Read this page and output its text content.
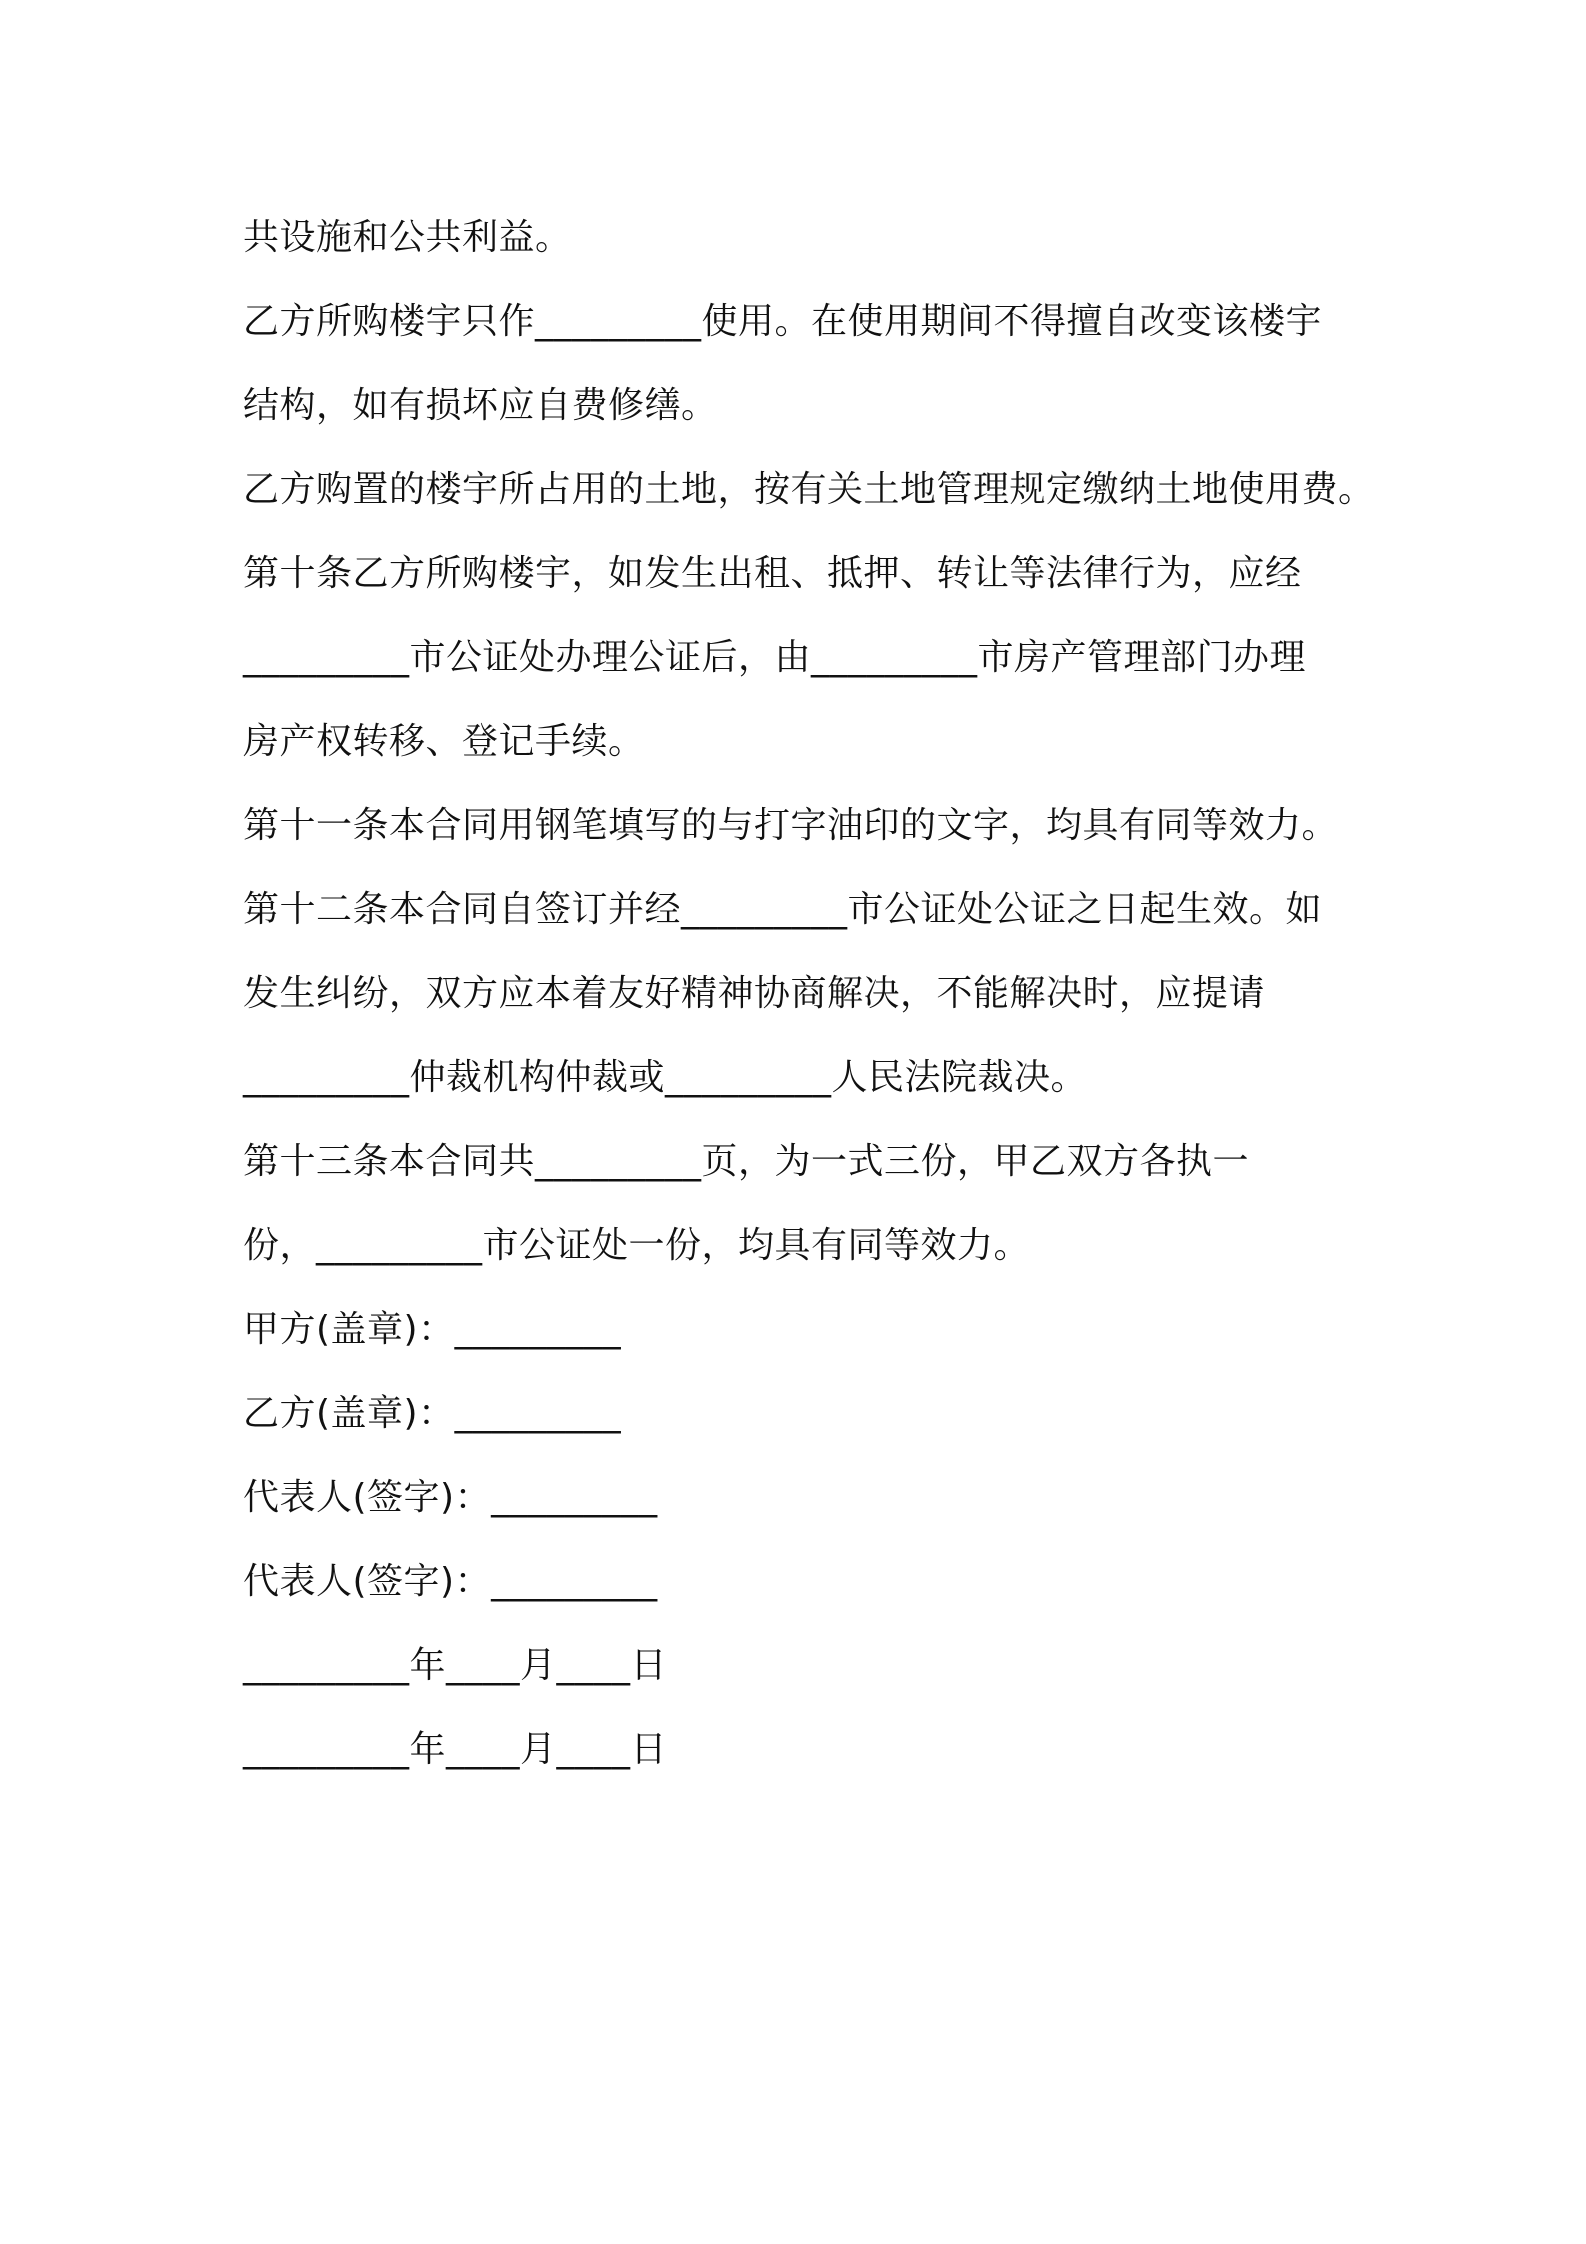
共设施和公共利益。
乙方所购楼宇只作_________使用。在使用期间不得擅自改变该楼宇
结构，如有损坏应自费修缮。
乙方购置的楼宇所占用的土地，按有关土地管理规定缴纳土地使用费。
第十条乙方所购楼宇，如发生出租、抵押、转让等法律行为，应经
_________市公证处办理公证后，由_________市房产管理部门办理
房产权转移、登记手续。
第十一条本合同用钢笔填写的与打字油印的文字，均具有同等效力。
第十二条本合同自签订并经_________市公证处公证之日起生效。如
发生纠纷，双方应本着友好精神协商解决，不能解决时，应提请
_________仲裁机构仲裁或_________人民法院裁决。
第十三条本合同共_________页，为一式三份，甲乙双方各执一
份，_________市公证处一份，均具有同等效力。
甲方(盖章)：_________
乙方(盖章)：_________
代表人(签字)：_________
代表人(签字)：_________
_________年____月____日
_________年____月____日
